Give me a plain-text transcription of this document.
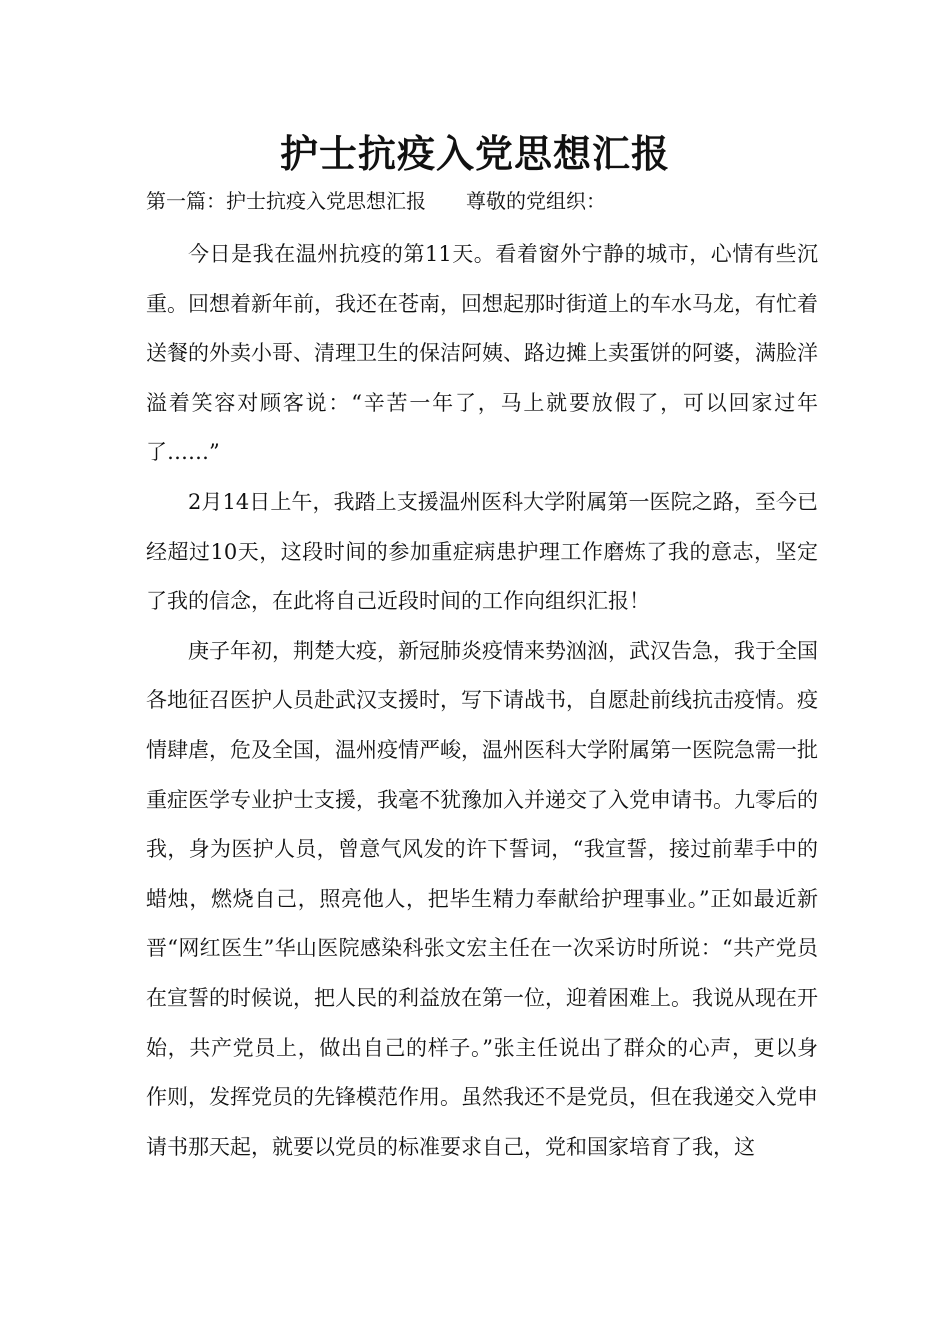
护士抗疫入党思想汇报
第一篇：护士抗疫入党思想汇报 尊敬的党组织：

今日是我在温州抗疫的第11天。看着窗外宁静的城市，心情有些沉重。回想着新年前，我还在苍南，回想起那时街道上的车水马龙，有忙着送餐的外卖小哥、清理卫生的保洁阿姨、路边摊上卖蛋饼的阿婆，满脸洋溢着笑容对顾客说：“辛苦一年了，马上就要放假了，可以回家过年了……”

2月14日上午，我踏上支援温州医科大学附属第一医院之路，至今已经超过10天，这段时间的参加重症病患护理工作磨炼了我的意志，坚定了我的信念，在此将自己近段时间的工作向组织汇报！

庚子年初，荆楚大疫，新冠肺炎疫情来势汹汹，武汉告急，我于全国各地征召医护人员赴武汉支援时，写下请战书，自愿赴前线抗击疫情。疫情肆虐，危及全国，温州疫情严峻，温州医科大学附属第一医院急需一批重症医学专业护士支援，我毫不犹豫加入并递交了入党申请书。九零后的我，身为医护人员，曾意气风发的许下誓词，“我宣誓，接过前辈手中的蜡烛，燃烧自己，照亮他人，把毕生精力奉献给护理事业。”正如最近新晋“网红医生”华山医院感染科张文宏主任在一次采访时所说：“共产党员在宣誓的时候说，把人民的利益放在第一位，迎着困难上。我说从现在开始，共产党员上，做出自己的样子。”张主任说出了群众的心声，更以身作则，发挥党员的先锋模范作用。虽然我还不是党员，但在我递交入党申请书那天起，就要以党员的标准要求自己，党和国家培育了我，这
